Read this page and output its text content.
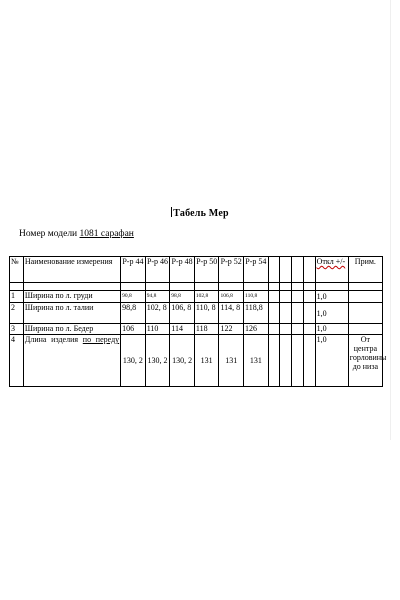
Табель Мер
Номер модели 1081 сарафан
№	Наименование измерения	Р-р 44	Р-р 46	Р-р 48	Р-р 50	Р-р 52	Р-р 54					Откл +/-	Прим.

1	Ширина по л. груди	90,8	94,8	98,8	102,8	106,8	110,8					1,0	
2	Ширина по л. талии	98,8	102, 8	106, 8	110, 8	114, 8	118,8					1,0	
3	Ширина по л. Бедер	106	110	114	118	122	126					1,0	
4	Длина изделия по переду	130, 2	130, 2	130, 2	131	131	131					1,0	От центра горловины до низа
